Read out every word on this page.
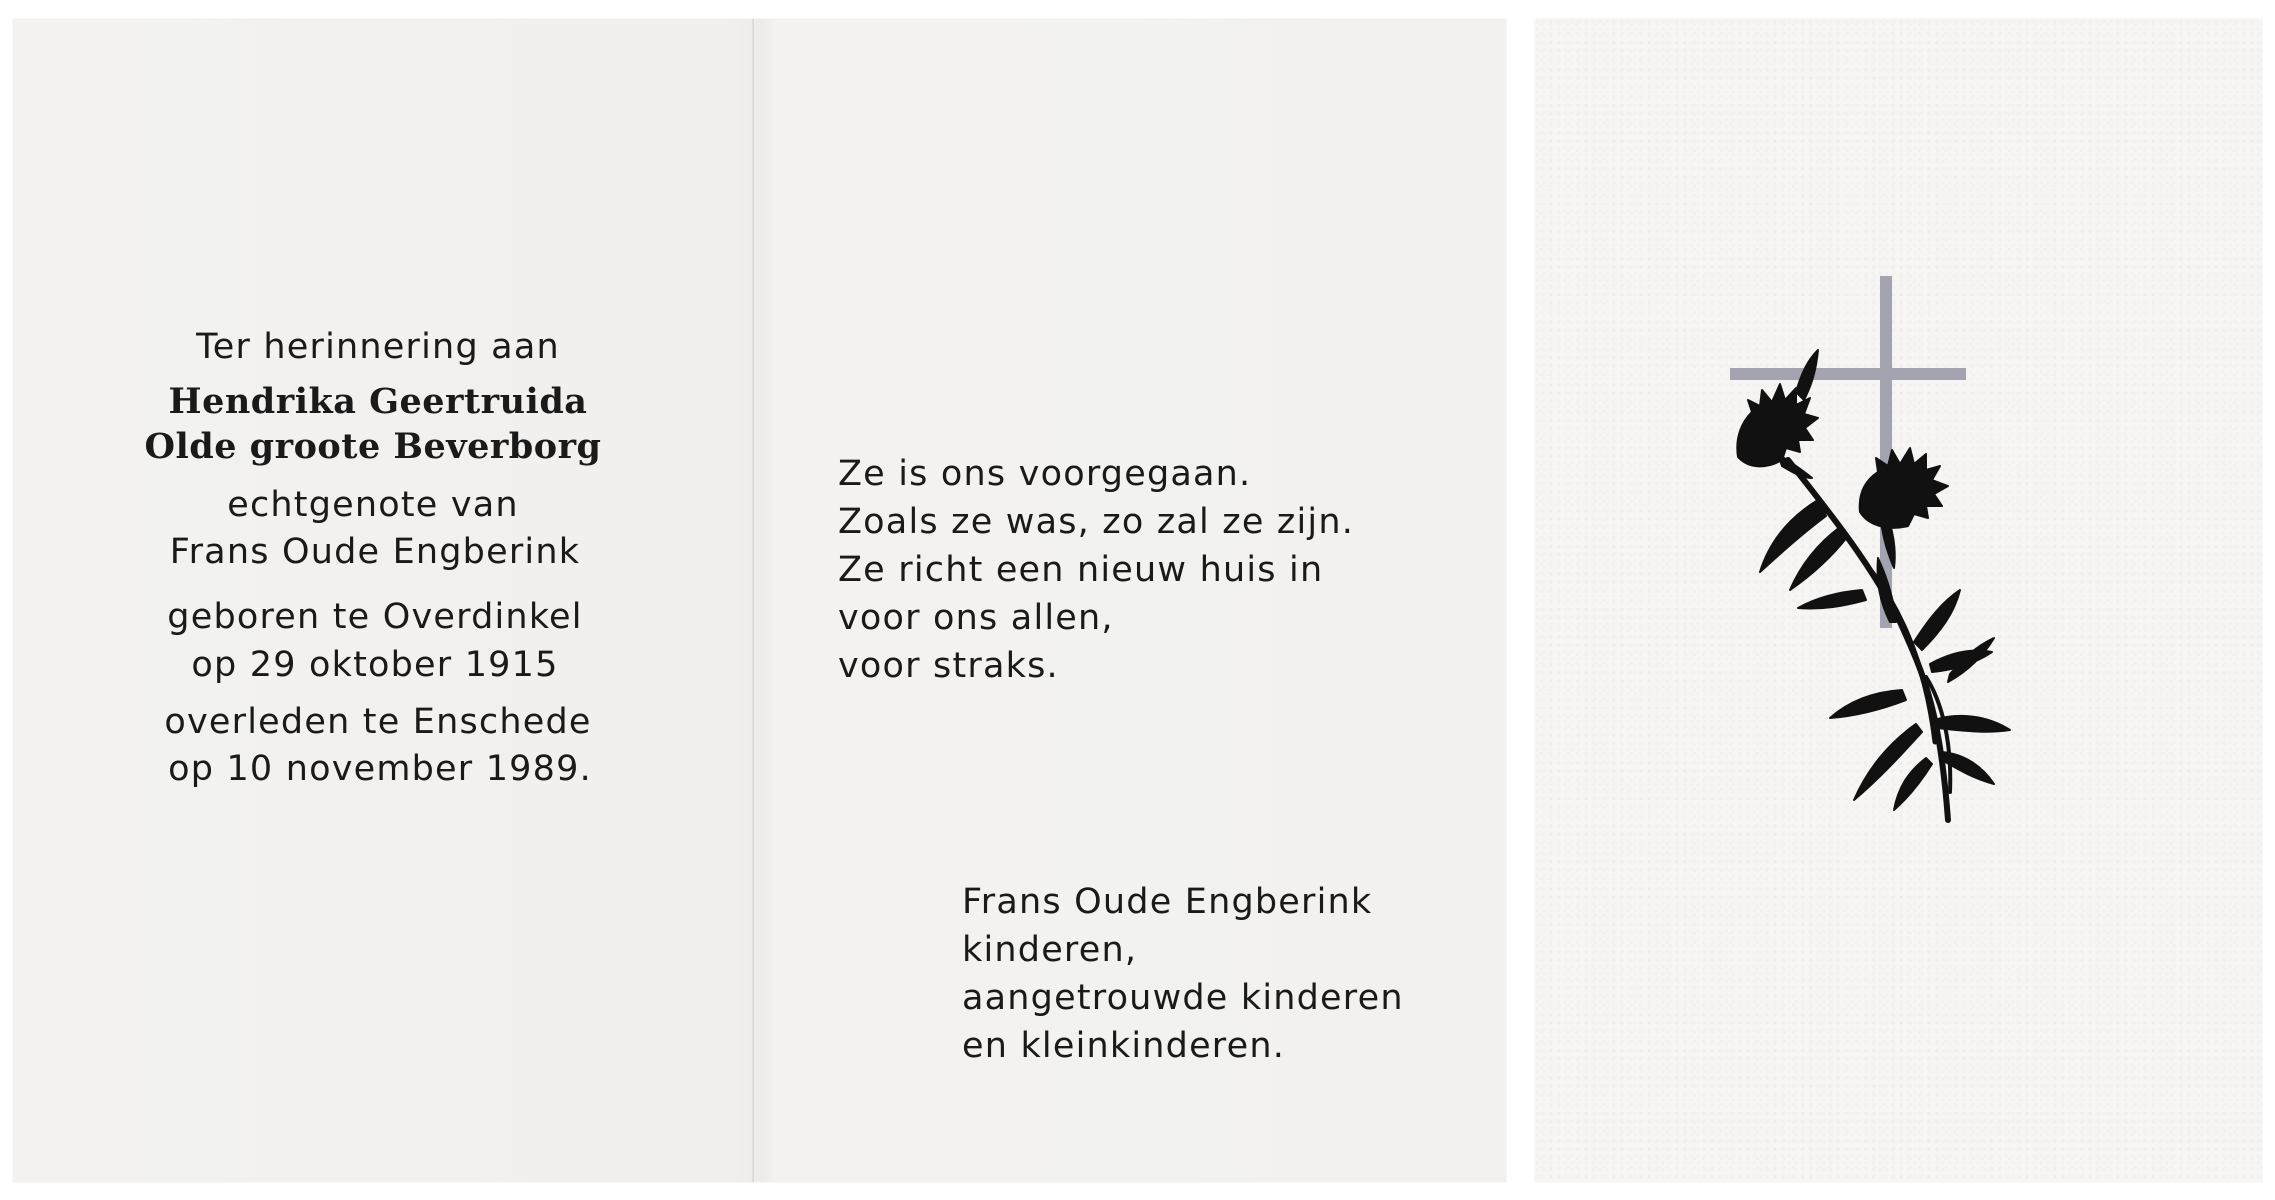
Ter herinnering aan
Hendrika Geertruida
Olde groote Beverborg
echtgenote van
Frans Oude Engberink
geboren te Overdinkel
op 29 oktober 1915
overleden te Enschede
op 10 november 1989.
Ze is ons voorgegaan.
Zoals ze was, zo zal ze zijn.
Ze richt een nieuw huis in
voor ons allen,
voor straks.
Frans Oude Engberink
kinderen,
aangetrouwde kinderen
en kleinkinderen.
